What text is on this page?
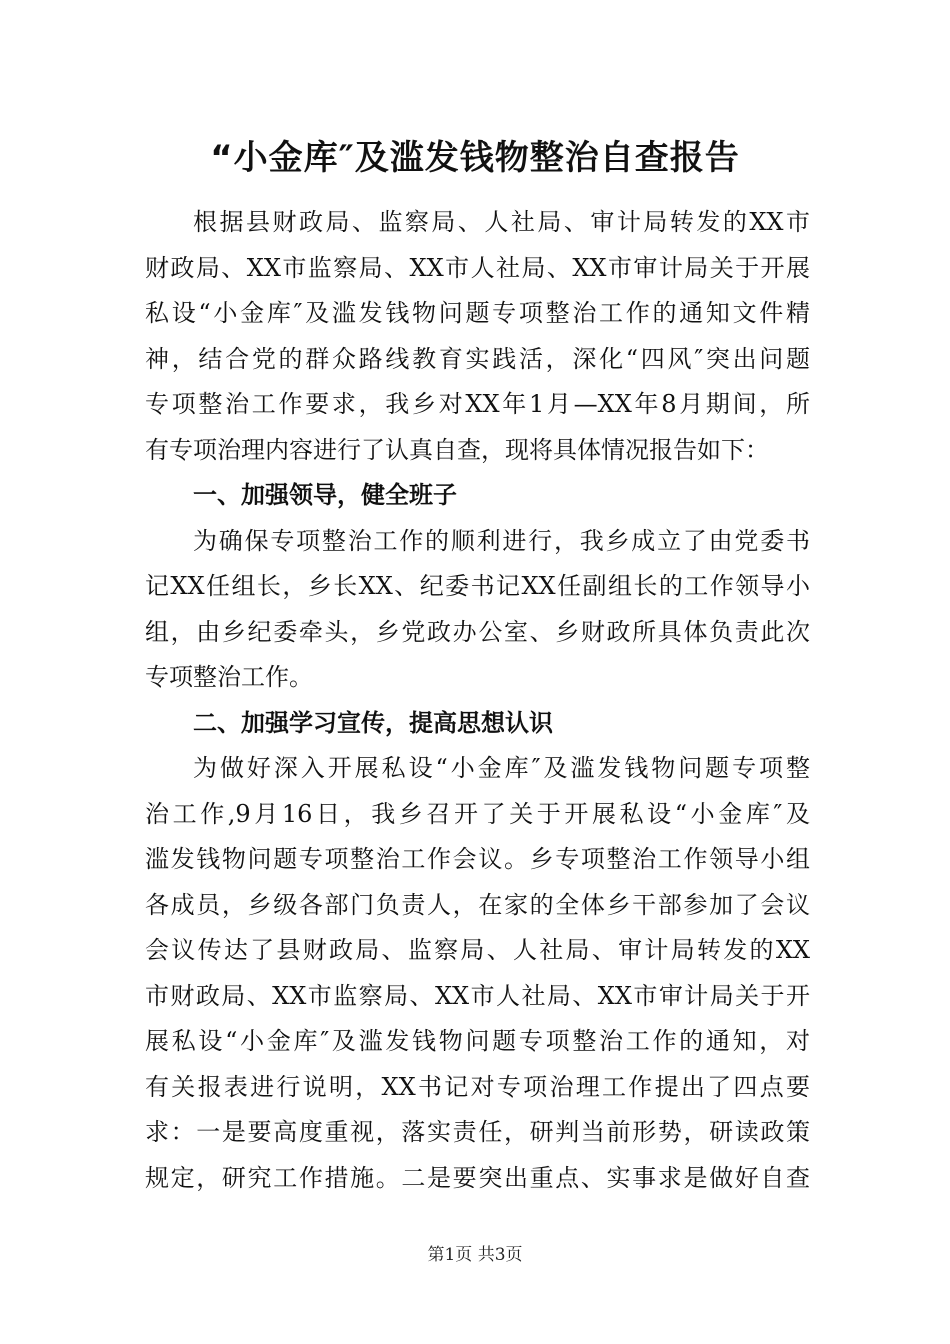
“小金库″及滥发钱物整治自查报告
根据县财政局、监察局、人社局、审计局转发的XX市
财政局、XX市监察局、XX市人社局、XX市审计局关于开展
私设“小金库″及滥发钱物问题专项整治工作的通知文件精
神，结合党的群众路线教育实践活，深化“四风″突出问题
专项整治工作要求，我乡对XX年1月—XX年8月期间，所
有专项治理内容进行了认真自查，现将具体情况报告如下：
一、加强领导，健全班子
为确保专项整治工作的顺利进行，我乡成立了由党委书
记XX任组长，乡长XX、纪委书记XX任副组长的工作领导小
组，由乡纪委牵头，乡党政办公室、乡财政所具体负责此次
专项整治工作。
二、加强学习宣传，提高思想认识
为做好深入开展私设“小金库″及滥发钱物问题专项整
治工作,9月16日，我乡召开了关于开展私设“小金库″及
滥发钱物问题专项整治工作会议。乡专项整治工作领导小组
各成员，乡级各部门负责人，在家的全体乡干部参加了会议
会议传达了县财政局、监察局、人社局、审计局转发的XX
市财政局、XX市监察局、XX市人社局、XX市审计局关于开
展私设“小金库″及滥发钱物问题专项整治工作的通知，对
有关报表进行说明，XX书记对专项治理工作提出了四点要
求：一是要高度重视，落实责任，研判当前形势，研读政策
规定，研究工作措施。二是要突出重点、实事求是做好自查
第1页 共3页
